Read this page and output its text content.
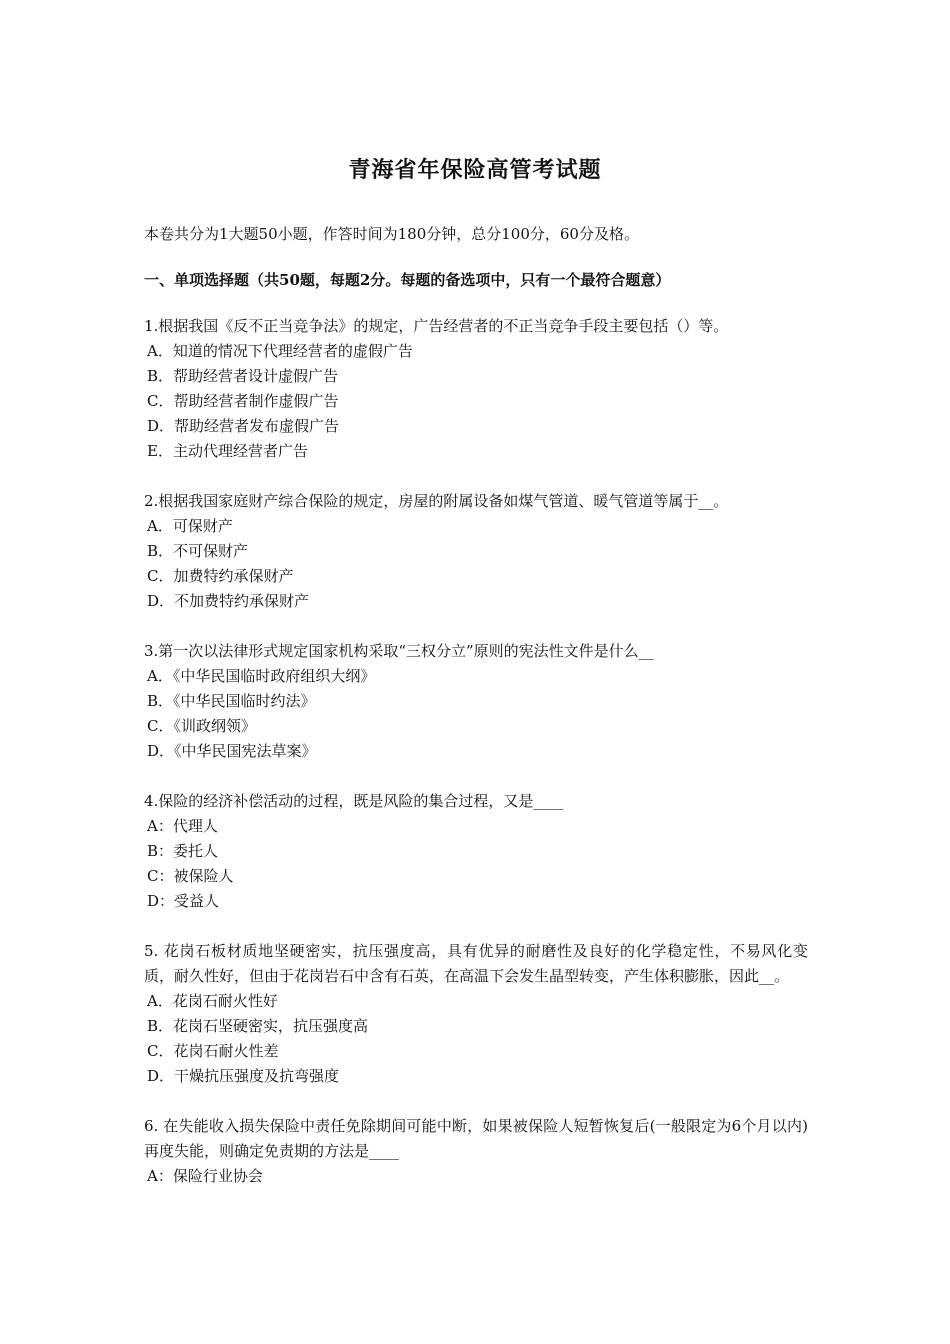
青海省年保险高管考试题
本卷共分为1大题50小题，作答时间为180分钟，总分100分，60分及格。
一、单项选择题（共50题，每题2分。每题的备选项中，只有一个最符合题意）
1.根据我国《反不正当竞争法》的规定，广告经营者的不正当竞争手段主要包括（）等。
A．知道的情况下代理经营者的虚假广告
B．帮助经营者设计虚假广告
C．帮助经营者制作虚假广告
D．帮助经营者发布虚假广告
E．主动代理经营者广告
2.根据我国家庭财产综合保险的规定，房屋的附属设备如煤气管道、暖气管道等属于__。
A．可保财产
B．不可保财产
C．加费特约承保财产
D．不加费特约承保财产
3.第一次以法律形式规定国家机构采取“三权分立”原则的宪法性文件是什么__
A．《中华民国临时政府组织大纲》
B．《中华民国临时约法》
C．《训政纲领》
D．《中华民国宪法草案》
4.保险的经济补偿活动的过程，既是风险的集合过程，又是____
A：代理人
B：委托人
C：被保险人
D：受益人
5. 花岗石板材质地坚硬密实，抗压强度高，具有优异的耐磨性及良好的化学稳定性，不易风化变质，耐久性好，但由于花岗岩石中含有石英，在高温下会发生晶型转变，产生体积膨胀，因此__。
A．花岗石耐火性好
B．花岗石坚硬密实，抗压强度高
C．花岗石耐火性差
D．干燥抗压强度及抗弯强度
6. 在失能收入损失保险中责任免除期间可能中断，如果被保险人短暂恢复后(一般限定为6个月以内)再度失能，则确定免责期的方法是____
A：保险行业协会
